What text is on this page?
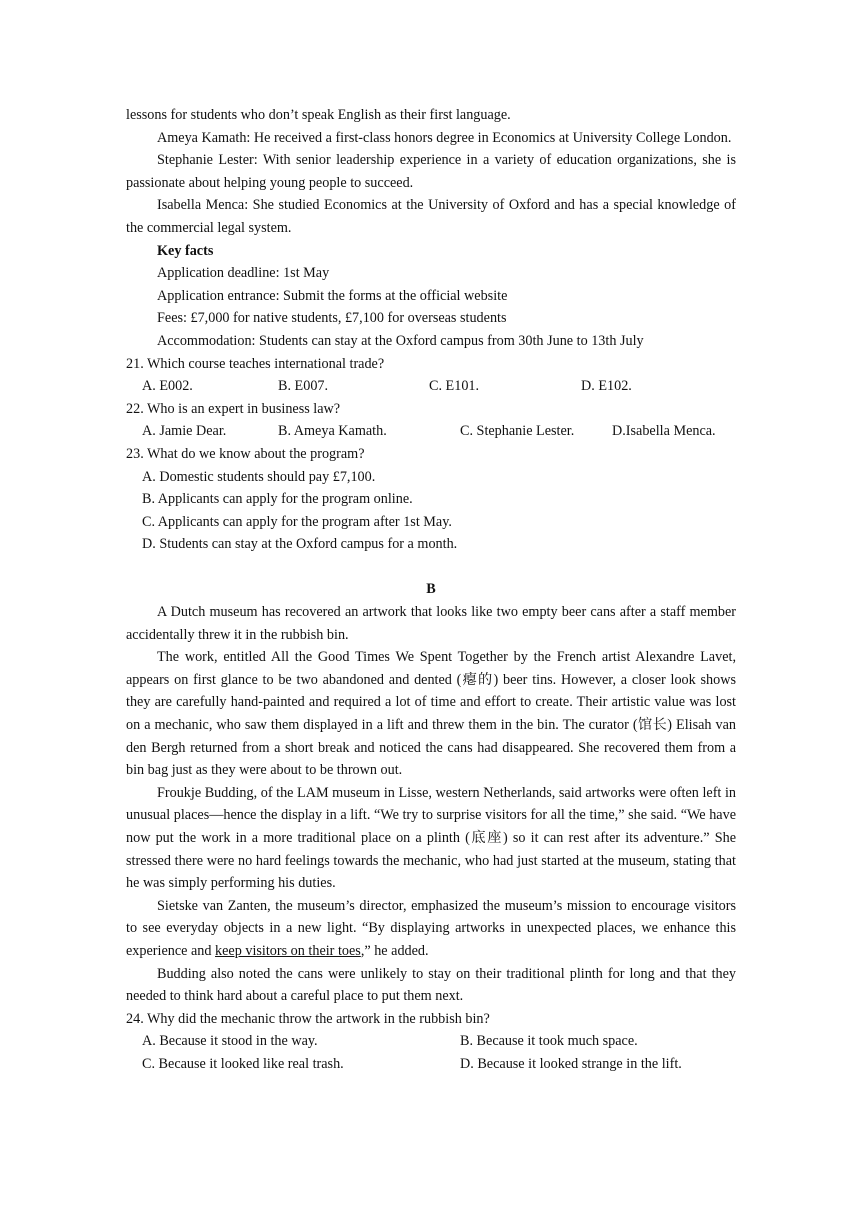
lessons for students who don’t speak English as their first language.

Ameya Kamath: He received a first-class honors degree in Economics at University College London.

Stephanie Lester: With senior leadership experience in a variety of education organizations, she is passionate about helping young people to succeed.

Isabella Menca: She studied Economics at the University of Oxford and has a special knowledge of the commercial legal system.

Key facts

Application deadline: 1st May

Application entrance: Submit the forms at the official website

Fees: £7,000 for native students, £7,100 for overseas students

Accommodation: Students can stay at the Oxford campus from 30th June to 13th July

21. Which course teaches international trade?

A. E002.	B. E007.	C. E101.	D. E102.

22. Who is an expert in business law?

A. Jamie Dear.	B. Ameya Kamath.	C. Stephanie Lester.	D.Isabella Menca.

23. What do we know about the program?

A. Domestic students should pay £7,100.
B. Applicants can apply for the program online.
C. Applicants can apply for the program after 1st May.
D. Students can stay at the Oxford campus for a month.

B

A Dutch museum has recovered an artwork that looks like two empty beer cans after a staff member accidentally threw it in the rubbish bin.

The work, entitled All the Good Times We Spent Together by the French artist Alexandre Lavet, appears on first glance to be two abandoned and dented (瘪的) beer tins. However, a closer look shows they are carefully hand-painted and required a lot of time and effort to create. Their artistic value was lost on a mechanic, who saw them displayed in a lift and threw them in the bin. The curator (馆长) Elisah van den Bergh returned from a short break and noticed the cans had disappeared. She recovered them from a bin bag just as they were about to be thrown out.

Froukje Budding, of the LAM museum in Lisse, western Netherlands, said artworks were often left in unusual places—hence the display in a lift. “We try to surprise visitors for all the time,” she said. “We have now put the work in a more traditional place on a plinth (底座) so it can rest after its adventure.” She stressed there were no hard feelings towards the mechanic, who had just started at the museum, stating that he was simply performing his duties.

Sietske van Zanten, the museum’s director, emphasized the museum’s mission to encourage visitors to see everyday objects in a new light. “By displaying artworks in unexpected places, we enhance this experience and keep visitors on their toes,” he added.

Budding also noted the cans were unlikely to stay on their traditional plinth for long and that they needed to think hard about a careful place to put them next.

24. Why did the mechanic throw the artwork in the rubbish bin?

A. Because it stood in the way.	B. Because it took much space.
C. Because it looked like real trash.	D. Because it looked strange in the lift.
